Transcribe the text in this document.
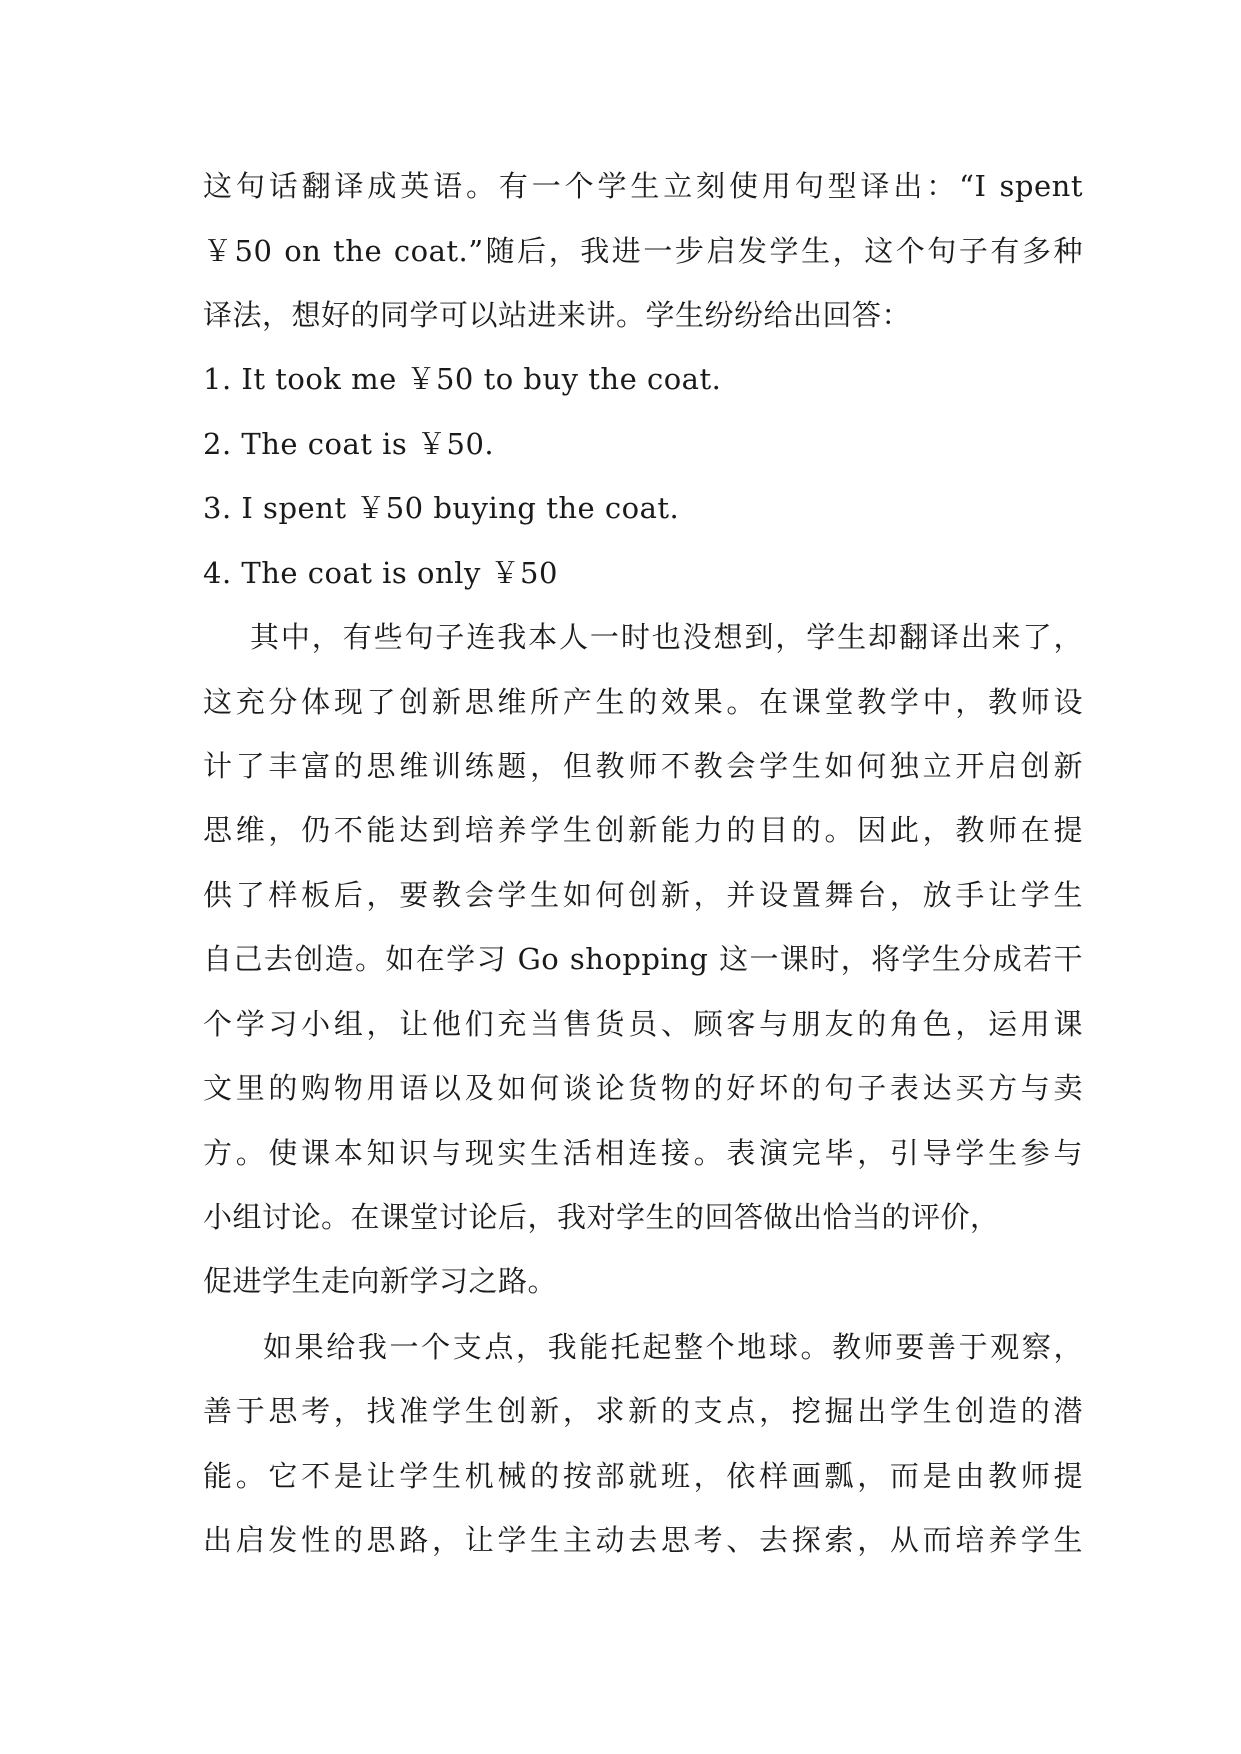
这句话翻译成英语。有一个学生立刻使用句型译出：“I spent
￥50 on the coat.”随后，我进一步启发学生，这个句子有多种
译法，想好的同学可以站进来讲。学生纷纷给出回答：
1. It took me ￥50 to buy the coat.
2. The coat is ￥50.
3. I spent ￥50 buying the coat.
4. The coat is only ￥50
其中，有些句子连我本人一时也没想到，学生却翻译出来了，
这充分体现了创新思维所产生的效果。在课堂教学中，教师设
计了丰富的思维训练题，但教师不教会学生如何独立开启创新
思维，仍不能达到培养学生创新能力的目的。因此，教师在提
供了样板后，要教会学生如何创新，并设置舞台，放手让学生
自己去创造。如在学习 Go shopping 这一课时，将学生分成若干
个学习小组，让他们充当售货员、顾客与朋友的角色，运用课
文里的购物用语以及如何谈论货物的好坏的句子表达买方与卖
方。使课本知识与现实生活相连接。表演完毕，引导学生参与
小组讨论。在课堂讨论后，我对学生的回答做出恰当的评价，
促进学生走向新学习之路。
如果给我一个支点，我能托起整个地球。教师要善于观察，
善于思考，找准学生创新，求新的支点，挖掘出学生创造的潜
能。它不是让学生机械的按部就班，依样画瓢，而是由教师提
出启发性的思路，让学生主动去思考、去探索，从而培养学生
